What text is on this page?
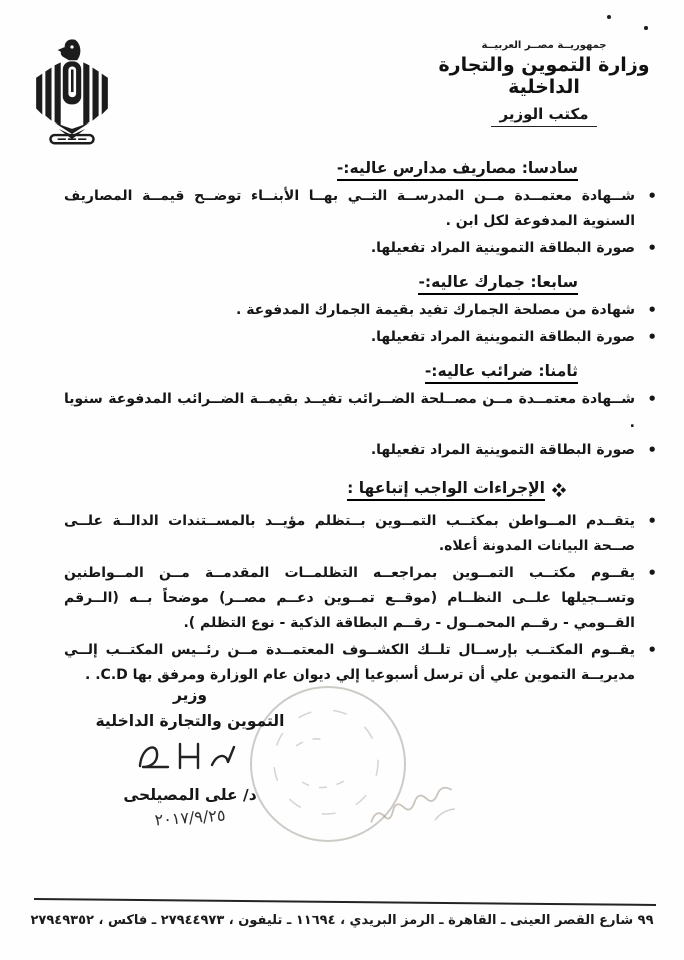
جمهوريــة مصــر العربيــة
وزارة التموين والتجارة الداخلية
مكتب الوزير
سادسا: مصاريف مدارس عاليه:-

•
شــهادة معتمــدة مــن المدرســة التــي بهــا الأبنــاء توضــح قيمــة المصاريف السنوية المدفوعة لكل ابن .

•
صورة البطاقة التموينية المراد تفعيلها.

سابعا: جمارك عاليه:-

•
شهادة من مصلحة الجمارك تفيد بقيمة الجمارك المدفوعة .

•
صورة البطاقة التموينية المراد تفعيلها.

ثامنا: ضرائب عاليه:-

•
شــهادة معتمــدة مــن مصــلحة الضــرائب تفيــد بقيمــة الضــرائب المدفوعة سنويا .

•
صورة البطاقة التموينية المراد تفعيلها.

الإجراءات الواجب إتباعها :

•
يتقــدم المــواطن بمكتــب التمــوين بــتظلم مؤيــد بالمســتندات الدالــة علــى صــحة البيانات المدونة أعلاه.

•
يقــوم مكتــب التمــوين بمراجعــه التظلمــات المقدمــة مــن المــواطنين وتســجيلها علــى النظــام (موقــع تمــوين دعــم مصــر) موضحاً بــه (الــرقم القــومي - رقــم المحمــول - رقــم البطاقة الذكية - نوع التظلم ).

•
يقــوم المكتــب بإرســال تلــك الكشــوف المعتمــدة مــن رئــيس المكتــب إلــي مديريــة التموين علي أن ترسل أسبوعيا إلي ديوان عام الوزارة ومرفق بها C.D. .

وزير
التموين والتجارة الداخلية
د/ على المصيلحى
٢٠١٧/٩/٢٥
٩٩ شارع القصر العينى ـ القاهرة ـ الرمز البريدي ، ١١٦٩٤ ـ تليفون ، ٢٧٩٤٤٩٧٣ ـ فاكس ، ٢٧٩٤٩٣٥٢
